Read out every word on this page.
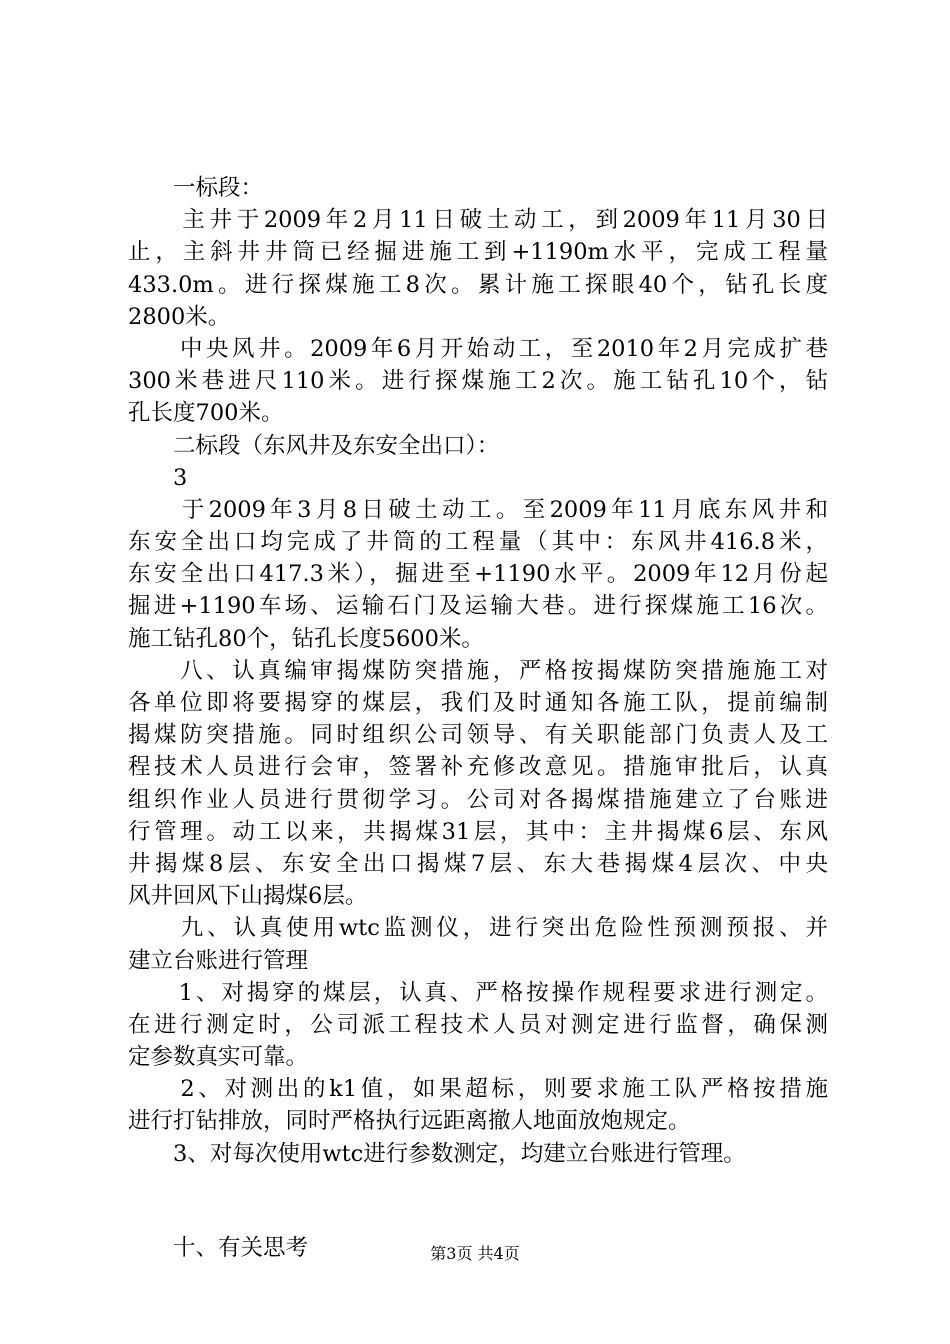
　　一标段：
　　主井于2009年2月11日破土动工，到2009年11月30日
止，主斜井井筒已经掘进施工到+1190m水平，完成工程量
433.0m。进行探煤施工8次。累计施工探眼40个，钻孔长度
2800米。
　　中央风井。2009年6月开始动工，至2010年2月完成扩巷
300米巷进尺110米。进行探煤施工2次。施工钻孔10个，钻
孔长度700米。
　　二标段（东风井及东安全出口）：
　　3
　　于2009年3月8日破土动工。至2009年11月底东风井和
东安全出口均完成了井筒的工程量（其中：东风井416.8米，
东安全出口417.3米），掘进至+1190水平。2009年12月份起
掘进+1190车场、运输石门及运输大巷。进行探煤施工16次。
施工钻孔80个，钻孔长度5600米。
　　八、认真编审揭煤防突措施，严格按揭煤防突措施施工对
各单位即将要揭穿的煤层，我们及时通知各施工队，提前编制
揭煤防突措施。同时组织公司领导、有关职能部门负责人及工
程技术人员进行会审，签署补充修改意见。措施审批后，认真
组织作业人员进行贯彻学习。公司对各揭煤措施建立了台账进
行管理。动工以来，共揭煤31层，其中：主井揭煤6层、东风
井揭煤8层、东安全出口揭煤7层、东大巷揭煤4层次、中央
风井回风下山揭煤6层。
　　九、认真使用wtc监测仪，进行突出危险性预测预报、并
建立台账进行管理
　　1、对揭穿的煤层，认真、严格按操作规程要求进行测定。
在进行测定时，公司派工程技术人员对测定进行监督，确保测
定参数真实可靠。
　　2、对测出的k1值，如果超标，则要求施工队严格按措施
进行打钻排放，同时严格执行远距离撤人地面放炮规定。
　　3、对每次使用wtc进行参数测定，均建立台账进行管理。
　　十、有关思考	第3页 共4页
